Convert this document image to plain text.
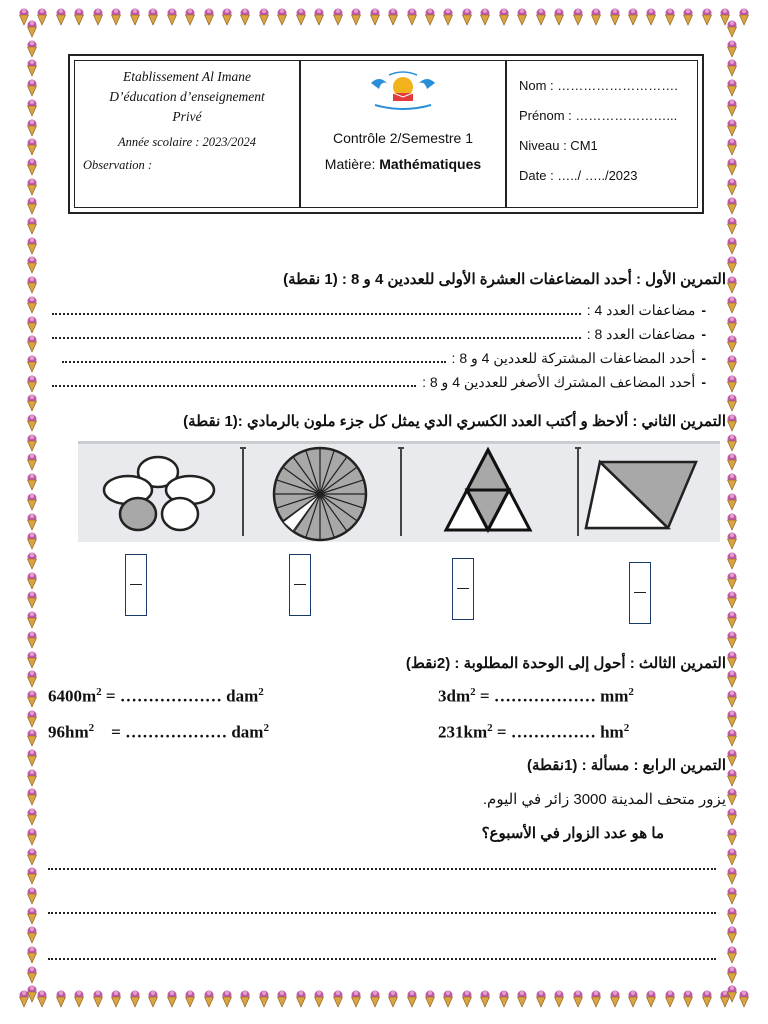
Etablissement Al Imane
D’éducation d’enseignement
Privé
Année scolaire : 2023/2024
Observation :
Contrôle 2/Semestre 1
Matière: Mathématiques
Nom : ……………………….
Prénom : …………………...
Niveau : CM1
Date : …../ …../2023
التمرين الأول : أحدد المضاعفات العشرة الأولى للعددين 4 و 8 : (1 نقطة)
-
مضاعفات العدد 4 :
-
مضاعفات العدد 8 :
-
أحدد المضاعفات المشتركة للعددين 4 و 8 :
-
أحدد المضاعف المشترك الأصغر للعددين 4 و 8 :
التمرين الثاني : ألاحظ و أكتب العدد الكسري الدي يمثل كل جزء ملون بالرمادي :(1 نقطة)
التمرين الثالث : أحول إلى الوحدة المطلوبة : (2نقط)
$6400m^2$ = ……………… dam$^2$
$96hm^2$    = ……………… dam$^2$
$3dm^2$ = ……………… $mm^2$
$231km^2$ = …………… $hm^2$
التمرين الرابع : مسألة : (1نقطة)
يزور متحف المدينة 3000 زائر في اليوم.
ما هو عدد الزوار في الأسبوع؟
